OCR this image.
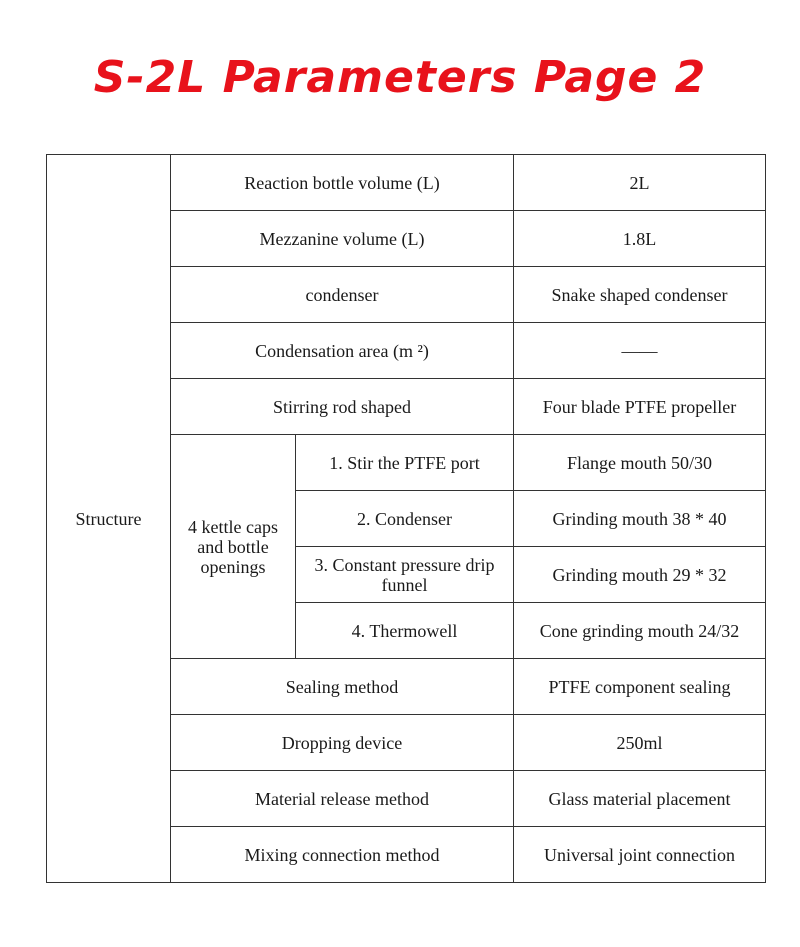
S-2L Parameters Page 2
Structure	Reaction bottle volume (L)		2L
	Mezzanine volume (L)		1.8L
	condenser		Snake shaped condenser
	Condensation area (m ²)		——
	Stirring rod shaped		Four blade PTFE propeller
	4 kettle caps and bottle openings	1. Stir the PTFE port	Flange mouth 50/30
		2. Condenser	Grinding mouth 38 * 40
		3. Constant pressure drip funnel	Grinding mouth 29 * 32
		4. Thermowell	Cone grinding mouth 24/32
	Sealing method		PTFE component sealing
	Dropping device		250ml
	Material release method		Glass material placement
	Mixing connection method		Universal joint connection
